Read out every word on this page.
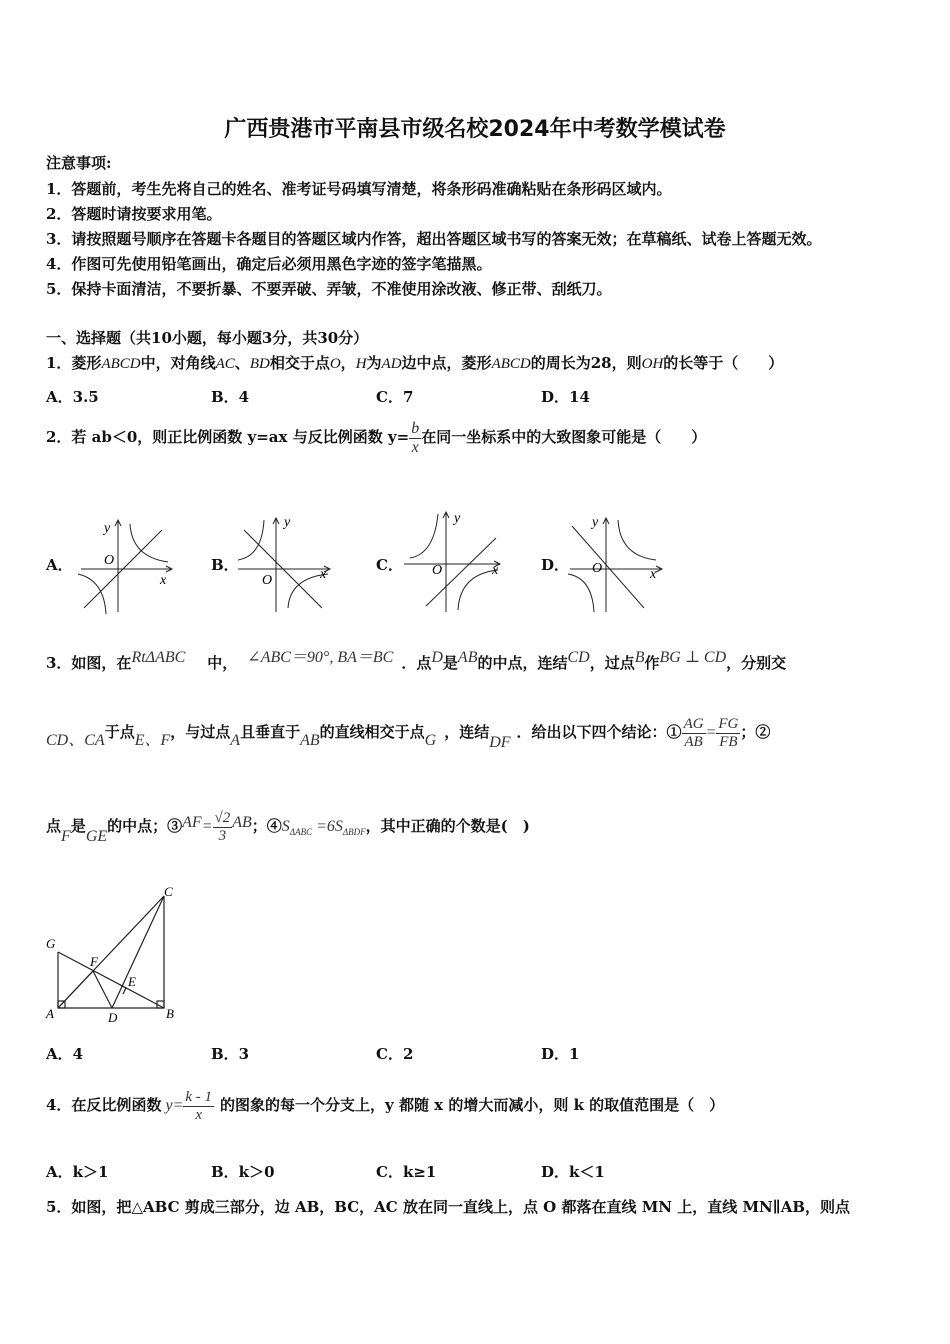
广西贵港市平南县市级名校2024年中考数学模试卷
注意事项:
1．答题前，考生先将自己的姓名、准考证号码填写清楚，将条形码准确粘贴在条形码区域内。
2．答题时请按要求用笔。
3．请按照题号顺序在答题卡各题目的答题区域内作答，超出答题区域书写的答案无效；在草稿纸、试卷上答题无效。
4．作图可先使用铅笔画出，确定后必须用黑色字迹的签字笔描黑。
5．保持卡面清洁，不要折暴、不要弄破、弄皱，不准使用涂改液、修正带、刮纸刀。
一、选择题（共10小题，每小题3分，共30分）
1．菱形ABCD中，对角线AC、BD相交于点O，H为AD边中点，菱形ABCD的周长为28，则OH的长等于（　　）
A．3.5	B．4	C．7	D．14
2．若 ab＜0，则正比例函数 y=ax 与反比例函数 $y= \frac{b}{x}$ 在同一坐标系中的大致图象可能是（　　）
A．	B．	C．	D．
y
x
O
y
x
O
y
x
O
y
x
O
3．如图，在RtΔABC 中， ∠ABC＝90°, BA＝BC ．点D是AB的中点，连结CD，过点B作BG ⊥ CD，分别交
CD、CA于点E、F，与过点A且垂直于AB的直线相交于点G ，连结DF．给出以下四个结论：① $\frac{AG}{AB} = \frac{FG}{FB}$ ；②
点F是GE的中点；③AF= $\frac{√2}{3}$ AB；$④S_{\Delta ABC} =6S_{\Delta BDF}$，其中正确的个数是(　)
G
C
F
E
A	D	B
A．4	B．3	C．2	D．1
4．在反比例函数 $y= \frac{k - 1}{x}$ 的图象的每一个分支上，y 都随 x 的增大而减小，则 k 的取值范围是（　）
A．k＞1	B．k＞0	C．k≥1	D．k＜1
5．如图，把△ABC 剪成三部分，边 AB，BC，AC 放在同一直线上，点 O 都落在直线 MN 上，直线 MN∥AB，则点
